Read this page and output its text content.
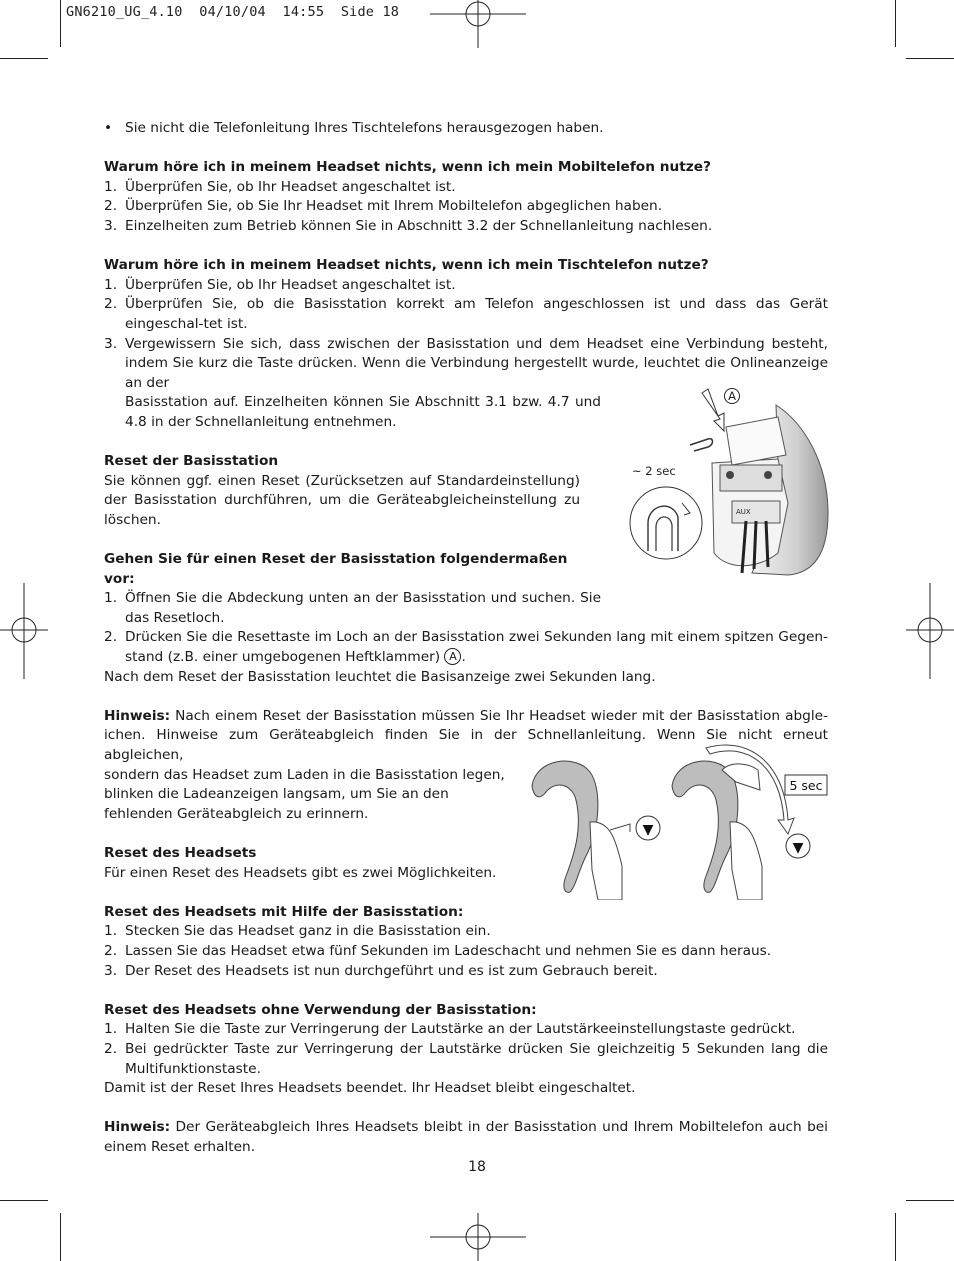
GN6210_UG_4.10  04/10/04  14:55  Side 18

• Sie nicht die Telefonleitung Ihres Tischtelefons herausgezogen haben.

Warum höre ich in meinem Headset nichts, wenn ich mein Mobiltelefon nutze?

1. Überprüfen Sie, ob Ihr Headset angeschaltet ist.

2. Überprüfen Sie, ob Sie Ihr Headset mit Ihrem Mobiltelefon abgeglichen haben.

3. Einzelheiten zum Betrieb können Sie in Abschnitt 3.2 der Schnellanleitung nachlesen.

Warum höre ich in meinem Headset nichts, wenn ich mein Tischtelefon nutze?

1. Überprüfen Sie, ob Ihr Headset angeschaltet ist.

2. Überprüfen Sie, ob die Basisstation korrekt am Telefon angeschlossen ist und dass das Gerät eingeschal-tet ist.

3. Vergewissern Sie sich, dass zwischen der Basisstation und dem Headset eine Verbindung besteht, indem Sie kurz die Taste drücken. Wenn die Verbindung hergestellt wurde, leuchtet die Onlineanzeige an der

Basisstation auf. Einzelheiten können Sie Abschnitt 3.1 bzw. 4.7 und 4.8 in der Schnellanleitung entnehmen.

Reset der Basisstation

Sie können ggf. einen Reset (Zurücksetzen auf Standardeinstellung) der Basisstation durchführen, um die Geräteabgleicheinstellung zu löschen.

Gehen Sie für einen Reset der Basisstation folgendermaßen vor:

1. Öffnen Sie die Abdeckung unten an der Basisstation und suchen. Sie das Resetloch.

2. Drücken Sie die Resettaste im Loch an der Basisstation zwei Sekunden lang mit einem spitzen Gegen-stand (z.B. einer umgebogenen Heftklammer) A .

Nach dem Reset der Basisstation leuchtet die Basisanzeige zwei Sekunden lang.

Hinweis: Nach einem Reset der Basisstation müssen Sie Ihr Headset wieder mit der Basisstation abgle-ichen. Hinweise zum Geräteabgleich finden Sie in der Schnellanleitung. Wenn Sie nicht erneut abgleichen,

sondern das Headset zum Laden in die Basisstation legen, blinken die Ladeanzeigen langsam, um Sie an den fehlenden Geräteabgleich zu erinnern.

Reset des Headsets

Für einen Reset des Headsets gibt es zwei Möglichkeiten.

Reset des Headsets mit Hilfe der Basisstation:

1. Stecken Sie das Headset ganz in die Basisstation ein.

2. Lassen Sie das Headset etwa fünf Sekunden im Ladeschacht und nehmen Sie es dann heraus.

3. Der Reset des Headsets ist nun durchgeführt und es ist zum Gebrauch bereit.

Reset des Headsets ohne Verwendung der Basisstation:

1. Halten Sie die Taste zur Verringerung der Lautstärke an der Lautstärkeeinstellungstaste gedrückt.

2. Bei gedrückter Taste zur Verringerung der Lautstärke drücken Sie gleichzeitig 5 Sekunden lang die Multifunktionstaste.

Damit ist der Reset Ihres Headsets beendet. Ihr Headset bleibt eingeschaltet.

Hinweis: Der Geräteabgleich Ihres Headsets bleibt in der Basisstation und Ihrem Mobiltelefon auch bei einem Reset erhalten.

A
AUX
~ 2 sec
▼
▼
5 sec
18
